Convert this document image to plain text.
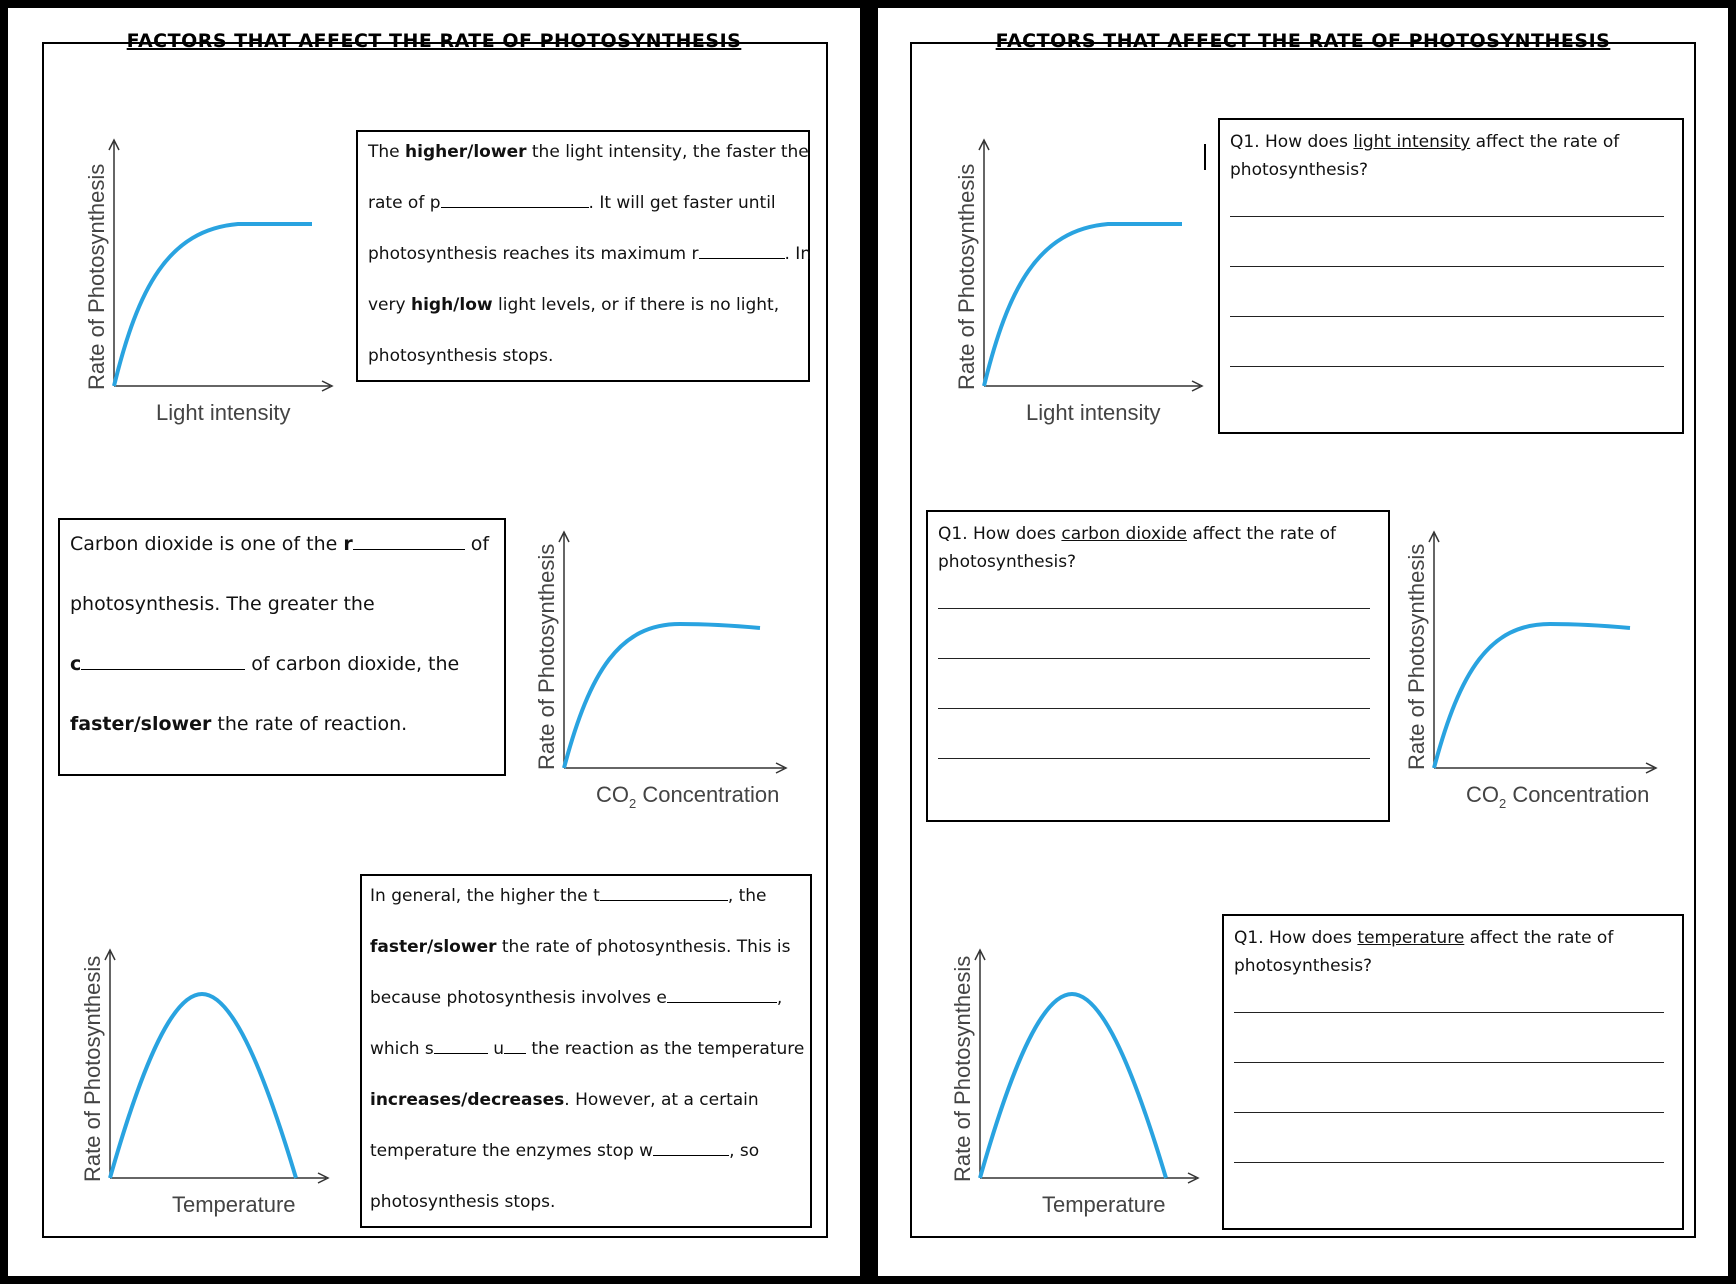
FACTORS THAT AFFECT THE RATE OF PHOTOSYNTHESIS
Rate of Photosynthesis
Light intensity

The higher/lower the light intensity, the faster the

rate of p	. It will get faster until

photosynthesis reaches its maximum r	. In

very high/low light levels, or if there is no light,

photosynthesis stops.

Carbon dioxide is one of the r	of

photosynthesis. The greater the

c	of carbon dioxide, the

faster/slower the rate of reaction.	Rate of Photosynthesis
$CO_2$ Concentration
Rate of Photosynthesis
Temperature

In general, the higher the t	, the

faster/slower the rate of photosynthesis. This is

because photosynthesis involves e	,

which s	u the reaction as the temperature

increases/decreases. However, at a certain

temperature the enzymes stop w	, so

photosynthesis stops.

FACTORS THAT AFFECT THE RATE OF PHOTOSYNTHESIS
Rate of Photosynthesis
Light intensity
Q1. How does light intensity affect the rate of photosynthesis?
Q1. How does carbon dioxide affect the rate of photosynthesis?	Rate of Photosynthesis
$CO_2$ Concentration
Rate of Photosynthesis
Temperature
Q1. How does temperature affect the rate of photosynthesis?
